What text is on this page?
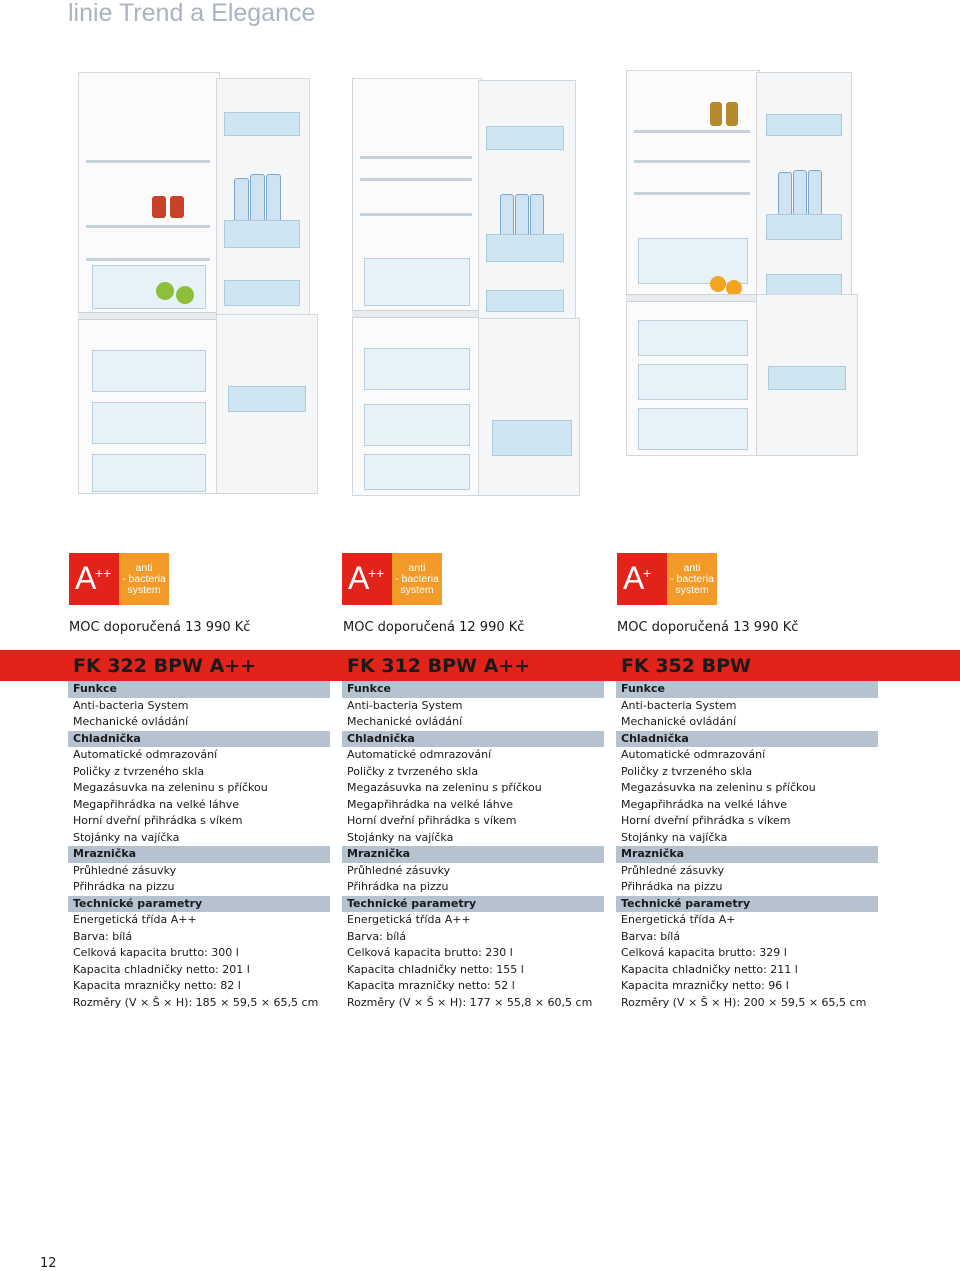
linie Trend a Elegance
A
++	anti
- bacteria
system	A
++	anti
- bacteria
system	A
+	anti
- bacteria
system
MOC doporučená 13 990 Kč	MOC doporučená 12 990 Kč	MOC doporučená 13 990 Kč
FK 322 BPW A++
Funkce
Anti-bacteria System
Mechanické ovládání
Chladnička
Automatické odmrazování
Poličky z tvrzeného skla
Megazásuvka na zeleninu s příčkou
Megapřihrádka na velké láhve
Horní dveřní přihrádka s víkem
Stojánky na vajíčka
Mraznička
Průhledné zásuvky
Přihrádka na pizzu
Technické parametry
Energetická třída A++
Barva: bílá
Celková kapacita brutto: 300 l
Kapacita chladničky netto: 201 l
Kapacita mrazničky netto: 82 l
Rozměry (V × Š × H): 185 × 59,5 × 65,5 cm
FK 312 BPW A++
Funkce
Anti-bacteria System
Mechanické ovládání
Chladnička
Automatické odmrazování
Poličky z tvrzeného skla
Megazásuvka na zeleninu s příčkou
Megapřihrádka na velké láhve
Horní dveřní přihrádka s víkem
Stojánky na vajíčka
Mraznička
Průhledné zásuvky
Přihrádka na pizzu
Technické parametry
Energetická třída A++
Barva: bílá
Celková kapacita brutto: 230 l
Kapacita chladničky netto: 155 l
Kapacita mrazničky netto: 52 l
Rozměry (V × Š × H): 177 × 55,8 × 60,5 cm
FK 352 BPW
Funkce
Anti-bacteria System
Mechanické ovládání
Chladnička
Automatické odmrazování
Poličky z tvrzeného skla
Megazásuvka na zeleninu s příčkou
Megapřihrádka na velké láhve
Horní dveřní přihrádka s víkem
Stojánky na vajíčka
Mraznička
Průhledné zásuvky
Přihrádka na pizzu
Technické parametry
Energetická třída A+
Barva: bílá
Celková kapacita brutto: 329 l
Kapacita chladničky netto: 211 l
Kapacita mrazničky netto: 96 l
Rozměry (V × Š × H): 200 × 59,5 × 65,5 cm
12
